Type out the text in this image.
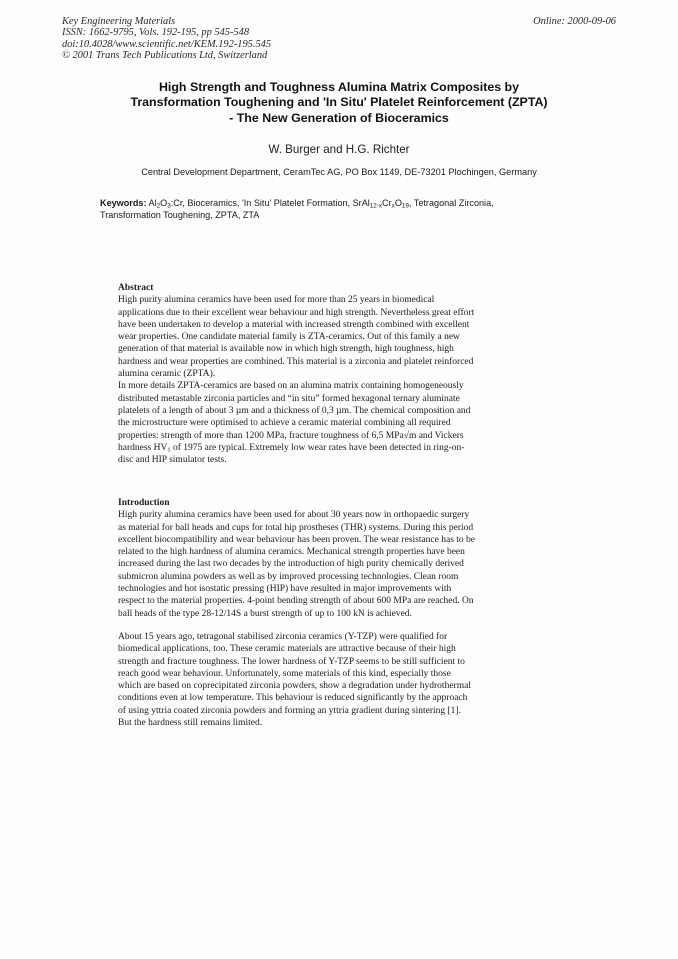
Key Engineering Materials
ISSN: 1662-9795, Vols. 192-195, pp 545-548
doi:10.4028/www.scientific.net/KEM.192-195.545
© 2001 Trans Tech Publications Ltd, Switzerland
Online: 2000-09-06
High Strength and Toughness Alumina Matrix Composites by
Transformation Toughening and 'In Situ' Platelet Reinforcement (ZPTA)
- The New Generation of Bioceramics
W. Burger and H.G. Richter
Central Development Department, CeramTec AG, PO Box 1149, DE-73201 Plochingen, Germany
Keywords: $Al_2O_3:Cr$, Bioceramics, 'In Situ' Platelet Formation, $SrAl_{12-x}Cr_xO_{19}$, Tetragonal Zirconia,
Transformation Toughening, ZPTA, ZTA
Abstract
High purity alumina ceramics have been used for more than 25 years in biomedical
applications due to their excellent wear behaviour and high strength. Nevertheless great effort
have been undertaken to develop a material with increased strength combined with excellent
wear properties. One candidate material family is ZTA-ceramics. Out of this family a new
generation of that material is available now in which high strength, high toughness, high
hardness and wear properties are combined. This material is a zirconia and platelet reinforced
alumina ceramic (ZPTA).
In more details ZPTA-ceramics are based on an alumina matrix containing homogeneously
distributed metastable zirconia particles and “in situ” formed hexagonal ternary aluminate
platelets of a length of about 3 µm and a thickness of 0,3 µm. The chemical composition and
the microstructure were optimised to achieve a ceramic material combining all required
properties: strength of more than 1200 MPa, fracture toughness of 6,5 MPa√m and Vickers
hardness $HV_1$ of 1975 are typical. Extremely low wear rates have been detected in ring-on-
disc and HIP simulator tests.
Introduction
High purity alumina ceramics have been used for about 30 years now in orthopaedic surgery
as material for ball heads and cups for total hip prostheses (THR) systems. During this period
excellent biocompatibility and wear behaviour has been proven. The wear resistance has to be
related to the high hardness of alumina ceramics. Mechanical strength properties have been
increased during the last two decades by the introduction of high purity chemically derived
submicron alumina powders as well as by improved processing technologies. Clean room
technologies and hot isostatic pressing (HIP) have resulted in major improvements with
respect to the material properties. 4-point bending strength of about 600 MPa are reached. On
ball heads of the type 28-12/14S a burst strength of up to 100 kN is achieved.
About 15 years ago, tetragonal stabilised zirconia ceramics (Y-TZP) were qualified for
biomedical applications, too. These ceramic materials are attractive because of their high
strength and fracture toughness. The lower hardness of Y-TZP seems to be still sufficient to
reach good wear behaviour. Unfortunately, some materials of this kind, especially those
which are based on coprecipitated zirconia powders, show a degradation under hydrothermal
conditions even at low temperature. This behaviour is reduced significantly by the approach
of using yttria coated zirconia powders and forming an yttria gradient during sintering [1].
But the hardness still remains limited.
